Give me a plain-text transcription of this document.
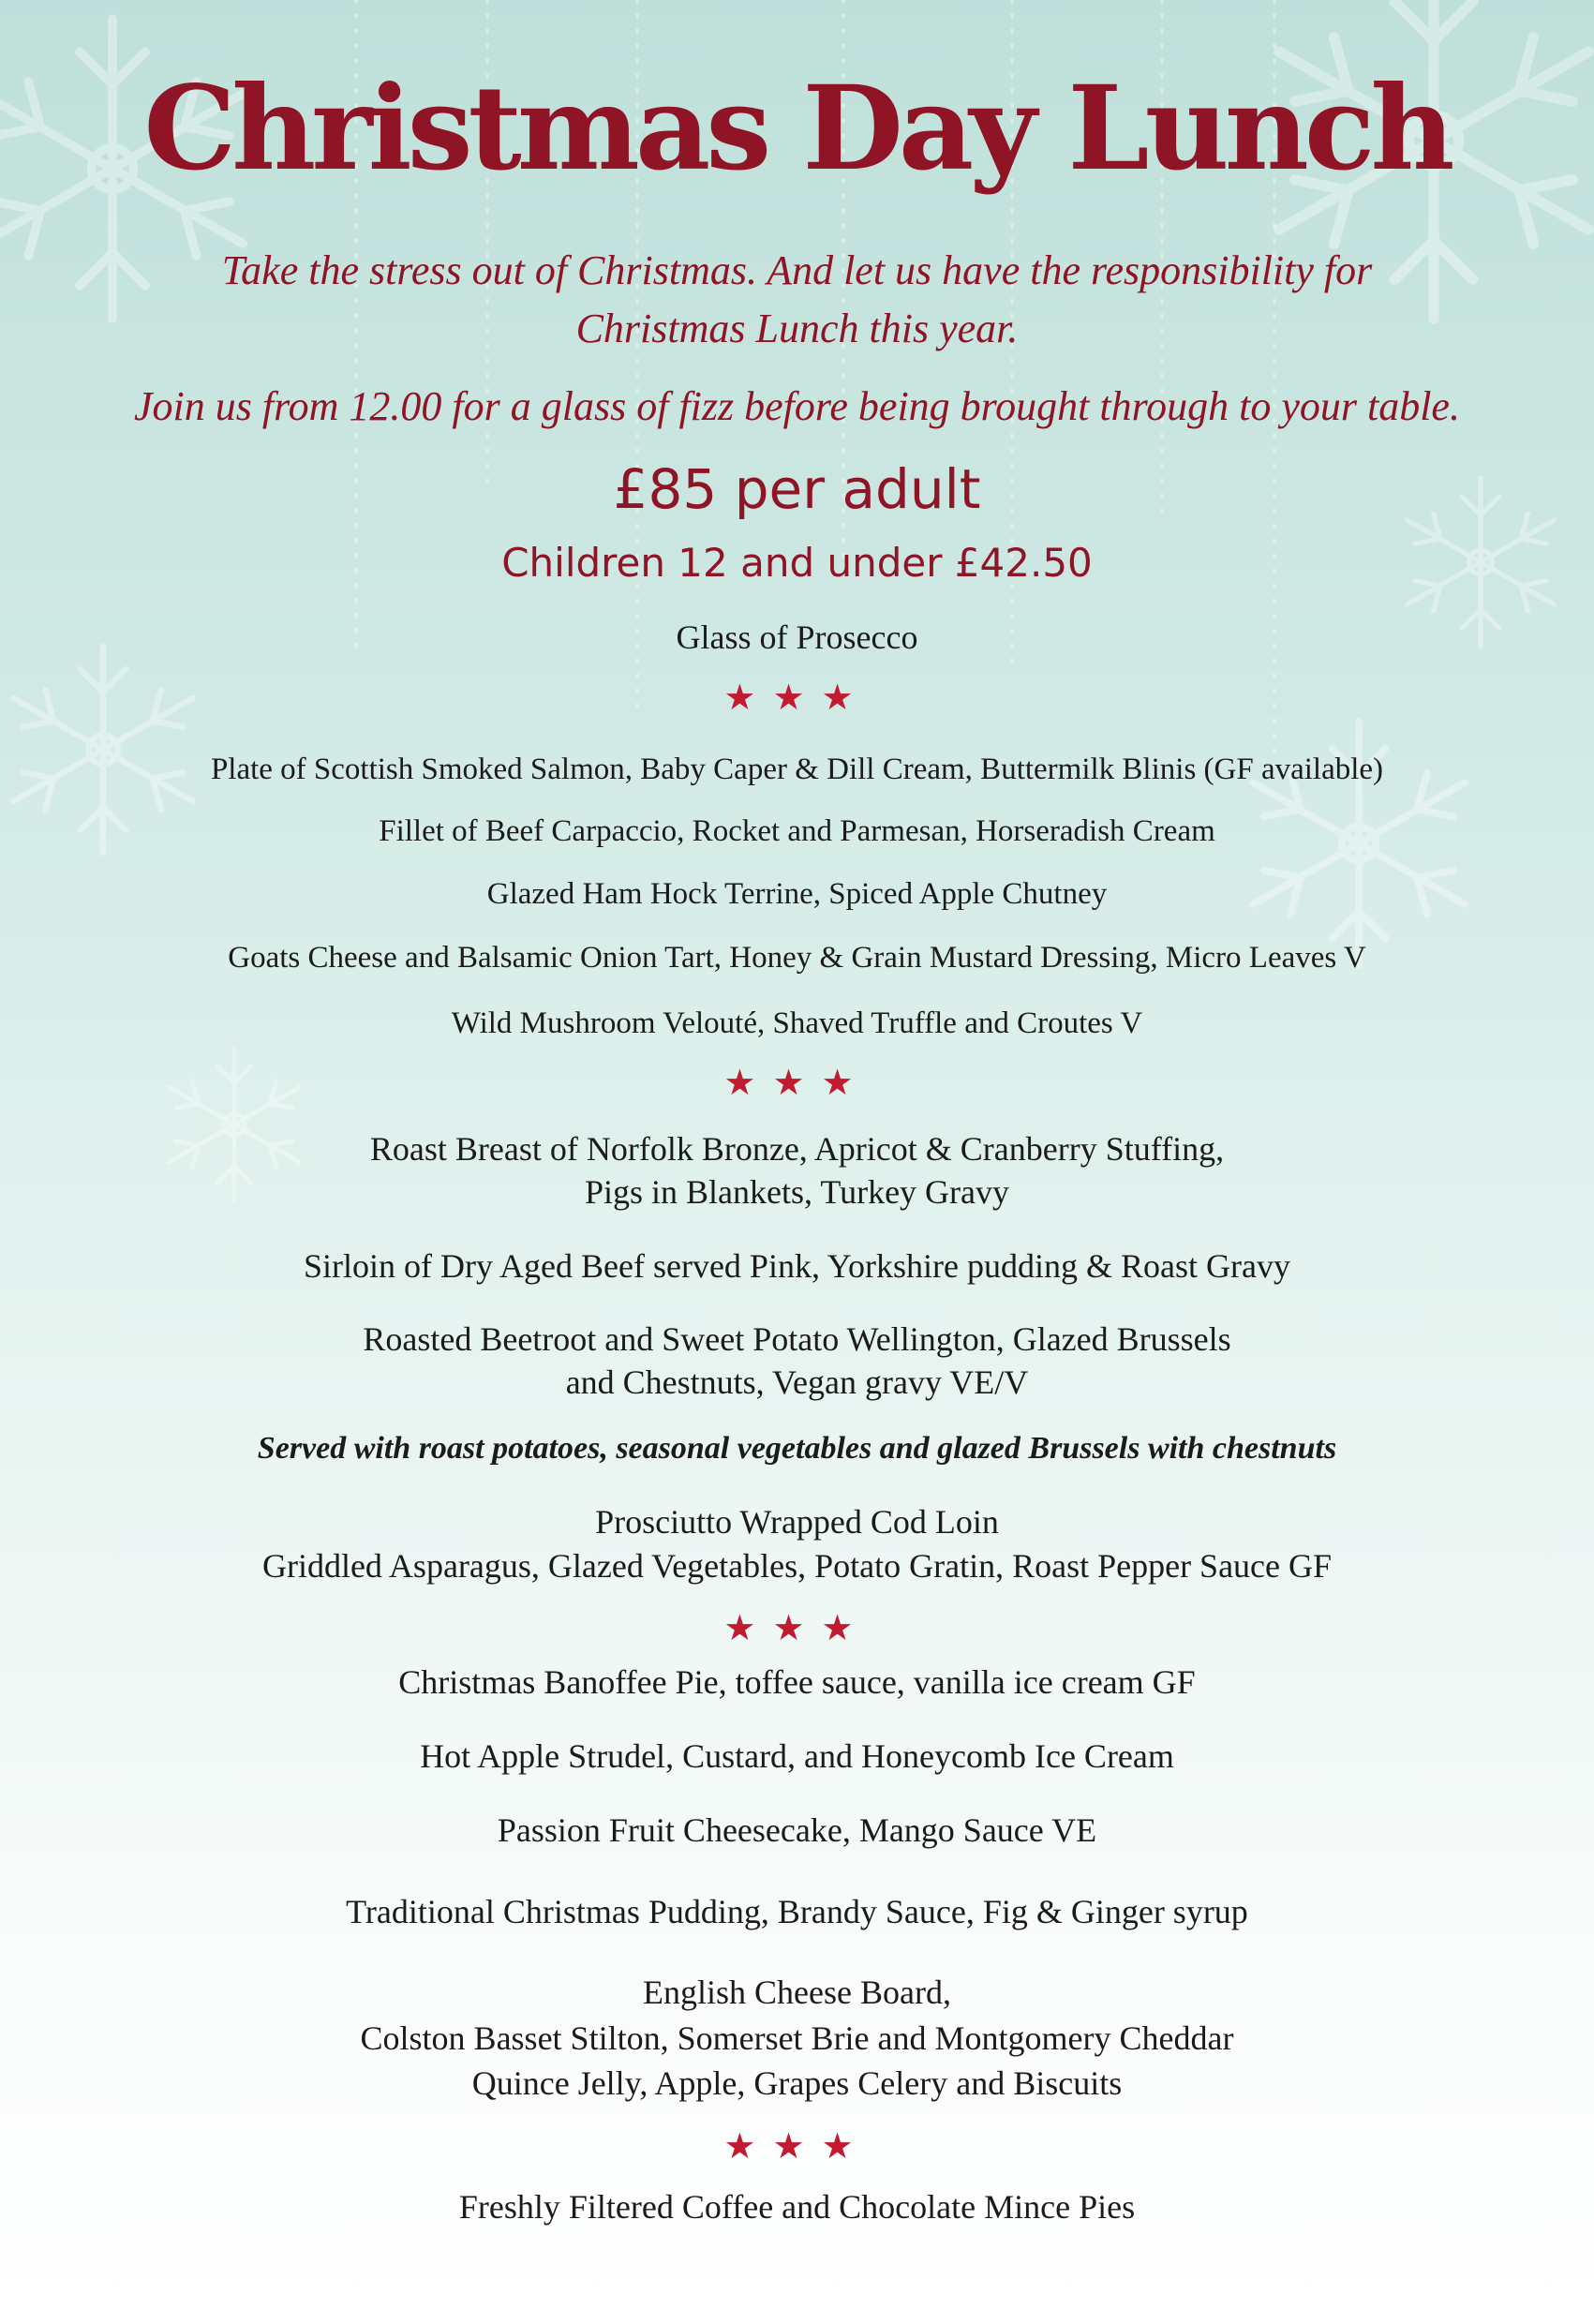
Christmas Day Lunch

Take the stress out of Christmas. And let us have the responsibility for

Christmas Lunch this year.

Join us from 12.00 for a glass of fizz before being brought through to your table.

£85 per adult
Children 12 and under £42.50
Glass of Prosecco
★★★
Plate of Scottish Smoked Salmon, Baby Caper & Dill Cream, Buttermilk Blinis (GF available)
Fillet of Beef Carpaccio, Rocket and Parmesan, Horseradish Cream
Glazed Ham Hock Terrine, Spiced Apple Chutney
Goats Cheese and Balsamic Onion Tart, Honey & Grain Mustard Dressing, Micro Leaves V
Wild Mushroom Velouté, Shaved Truffle and Croutes V
★★★
Roast Breast of Norfolk Bronze, Apricot & Cranberry Stuffing,
Pigs in Blankets, Turkey Gravy
Sirloin of Dry Aged Beef served Pink, Yorkshire pudding & Roast Gravy
Roasted Beetroot and Sweet Potato Wellington, Glazed Brussels
and Chestnuts, Vegan gravy VE/V
Served with roast potatoes, seasonal vegetables and glazed Brussels with chestnuts
Prosciutto Wrapped Cod Loin
Griddled Asparagus, Glazed Vegetables, Potato Gratin, Roast Pepper Sauce GF
★★★
Christmas Banoffee Pie, toffee sauce, vanilla ice cream GF
Hot Apple Strudel, Custard, and Honeycomb Ice Cream
Passion Fruit Cheesecake, Mango Sauce VE
Traditional Christmas Pudding, Brandy Sauce, Fig & Ginger syrup
English Cheese Board,
Colston Basset Stilton, Somerset Brie and Montgomery Cheddar
Quince Jelly, Apple, Grapes Celery and Biscuits
★★★
Freshly Filtered Coffee and Chocolate Mince Pies
